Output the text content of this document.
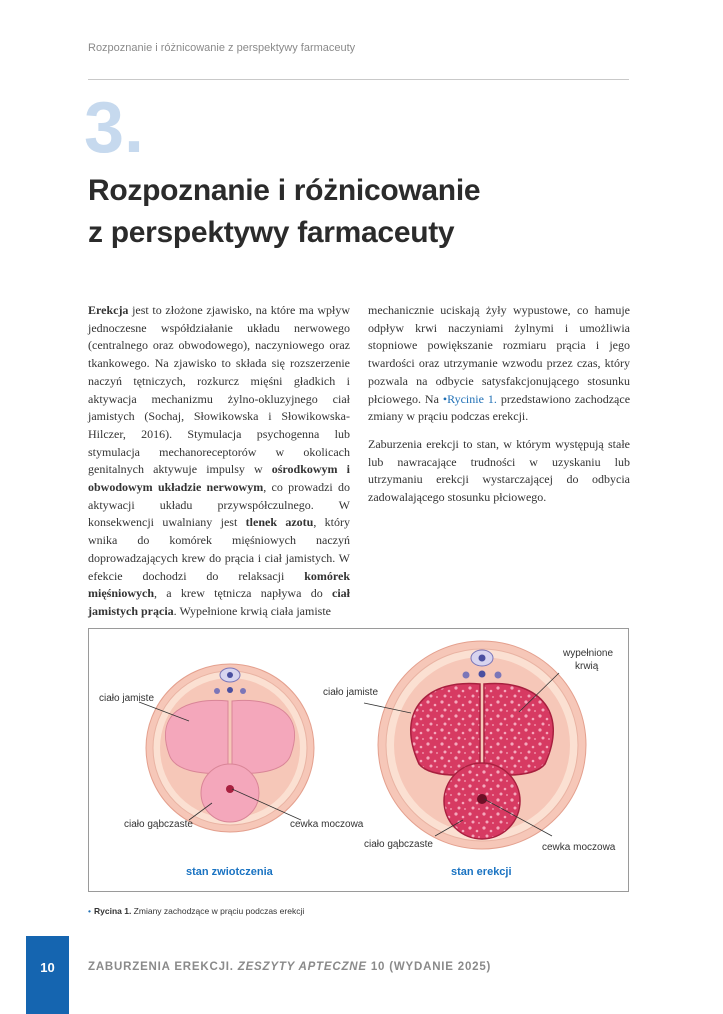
Rozpoznanie i różnicowanie z perspektywy farmaceuty
3.
Rozpoznanie i różnicowanie
z perspektywy farmaceuty

Erekcja jest to złożone zjawisko, na które ma wpływ jednoczesne współdziałanie układu nerwowego (centralnego oraz obwodowego), naczyniowego oraz tkankowego. Na zjawisko to składa się rozszerzenie naczyń tętniczych, rozkurcz mięśni gładkich i aktywacja mechanizmu żylno-okluzyjnego ciał jamistych (Sochaj, Słowikowska i Słowikowska-Hilczer, 2016). Stymulacja psychogenna lub stymulacja mechanoreceptorów w okolicach genitalnych aktywuje impulsy w ośrodkowym i obwodowym układzie nerwowym, co prowadzi do aktywacji układu przywspółczulnego. W konsekwencji uwalniany jest tlenek azotu, który wnika do komórek mięśniowych naczyń doprowadzających krew do prącia i ciał jamistych. W efekcie dochodzi do relaksacji komórek mięśniowych, a krew tętnicza napływa do ciał jamistych prącia. Wypełnione krwią ciała jamiste

mechanicznie uciskają żyły wypustowe, co hamuje odpływ krwi naczyniami żylnymi i umożliwia stopniowe powiększanie rozmiaru prącia i jego twardości oraz utrzymanie wzwodu przez czas, który pozwala na odbycie satysfakcjonującego stosunku płciowego. Na •Rycinie 1. przedstawiono zachodzące zmiany w prąciu podczas erekcji.

Zaburzenia erekcji to stan, w którym występują stałe lub nawracające trudności w uzyskaniu lub utrzymaniu erekcji wystarczającej do odbycia zadowalającego stosunku płciowego.

ciało jamiste
ciało gąbczaste	cewka moczowa
stan zwiotczenia
wypełnione
krwią
ciało jamiste
ciało gąbczaste	cewka moczowa
stan erekcji
• Rycina 1. Zmiany zachodzące w prąciu podczas erekcji
10	ZABURZENIA EREKCJI. ZESZYTY APTECZNE 10 (WYDANIE 2025)
